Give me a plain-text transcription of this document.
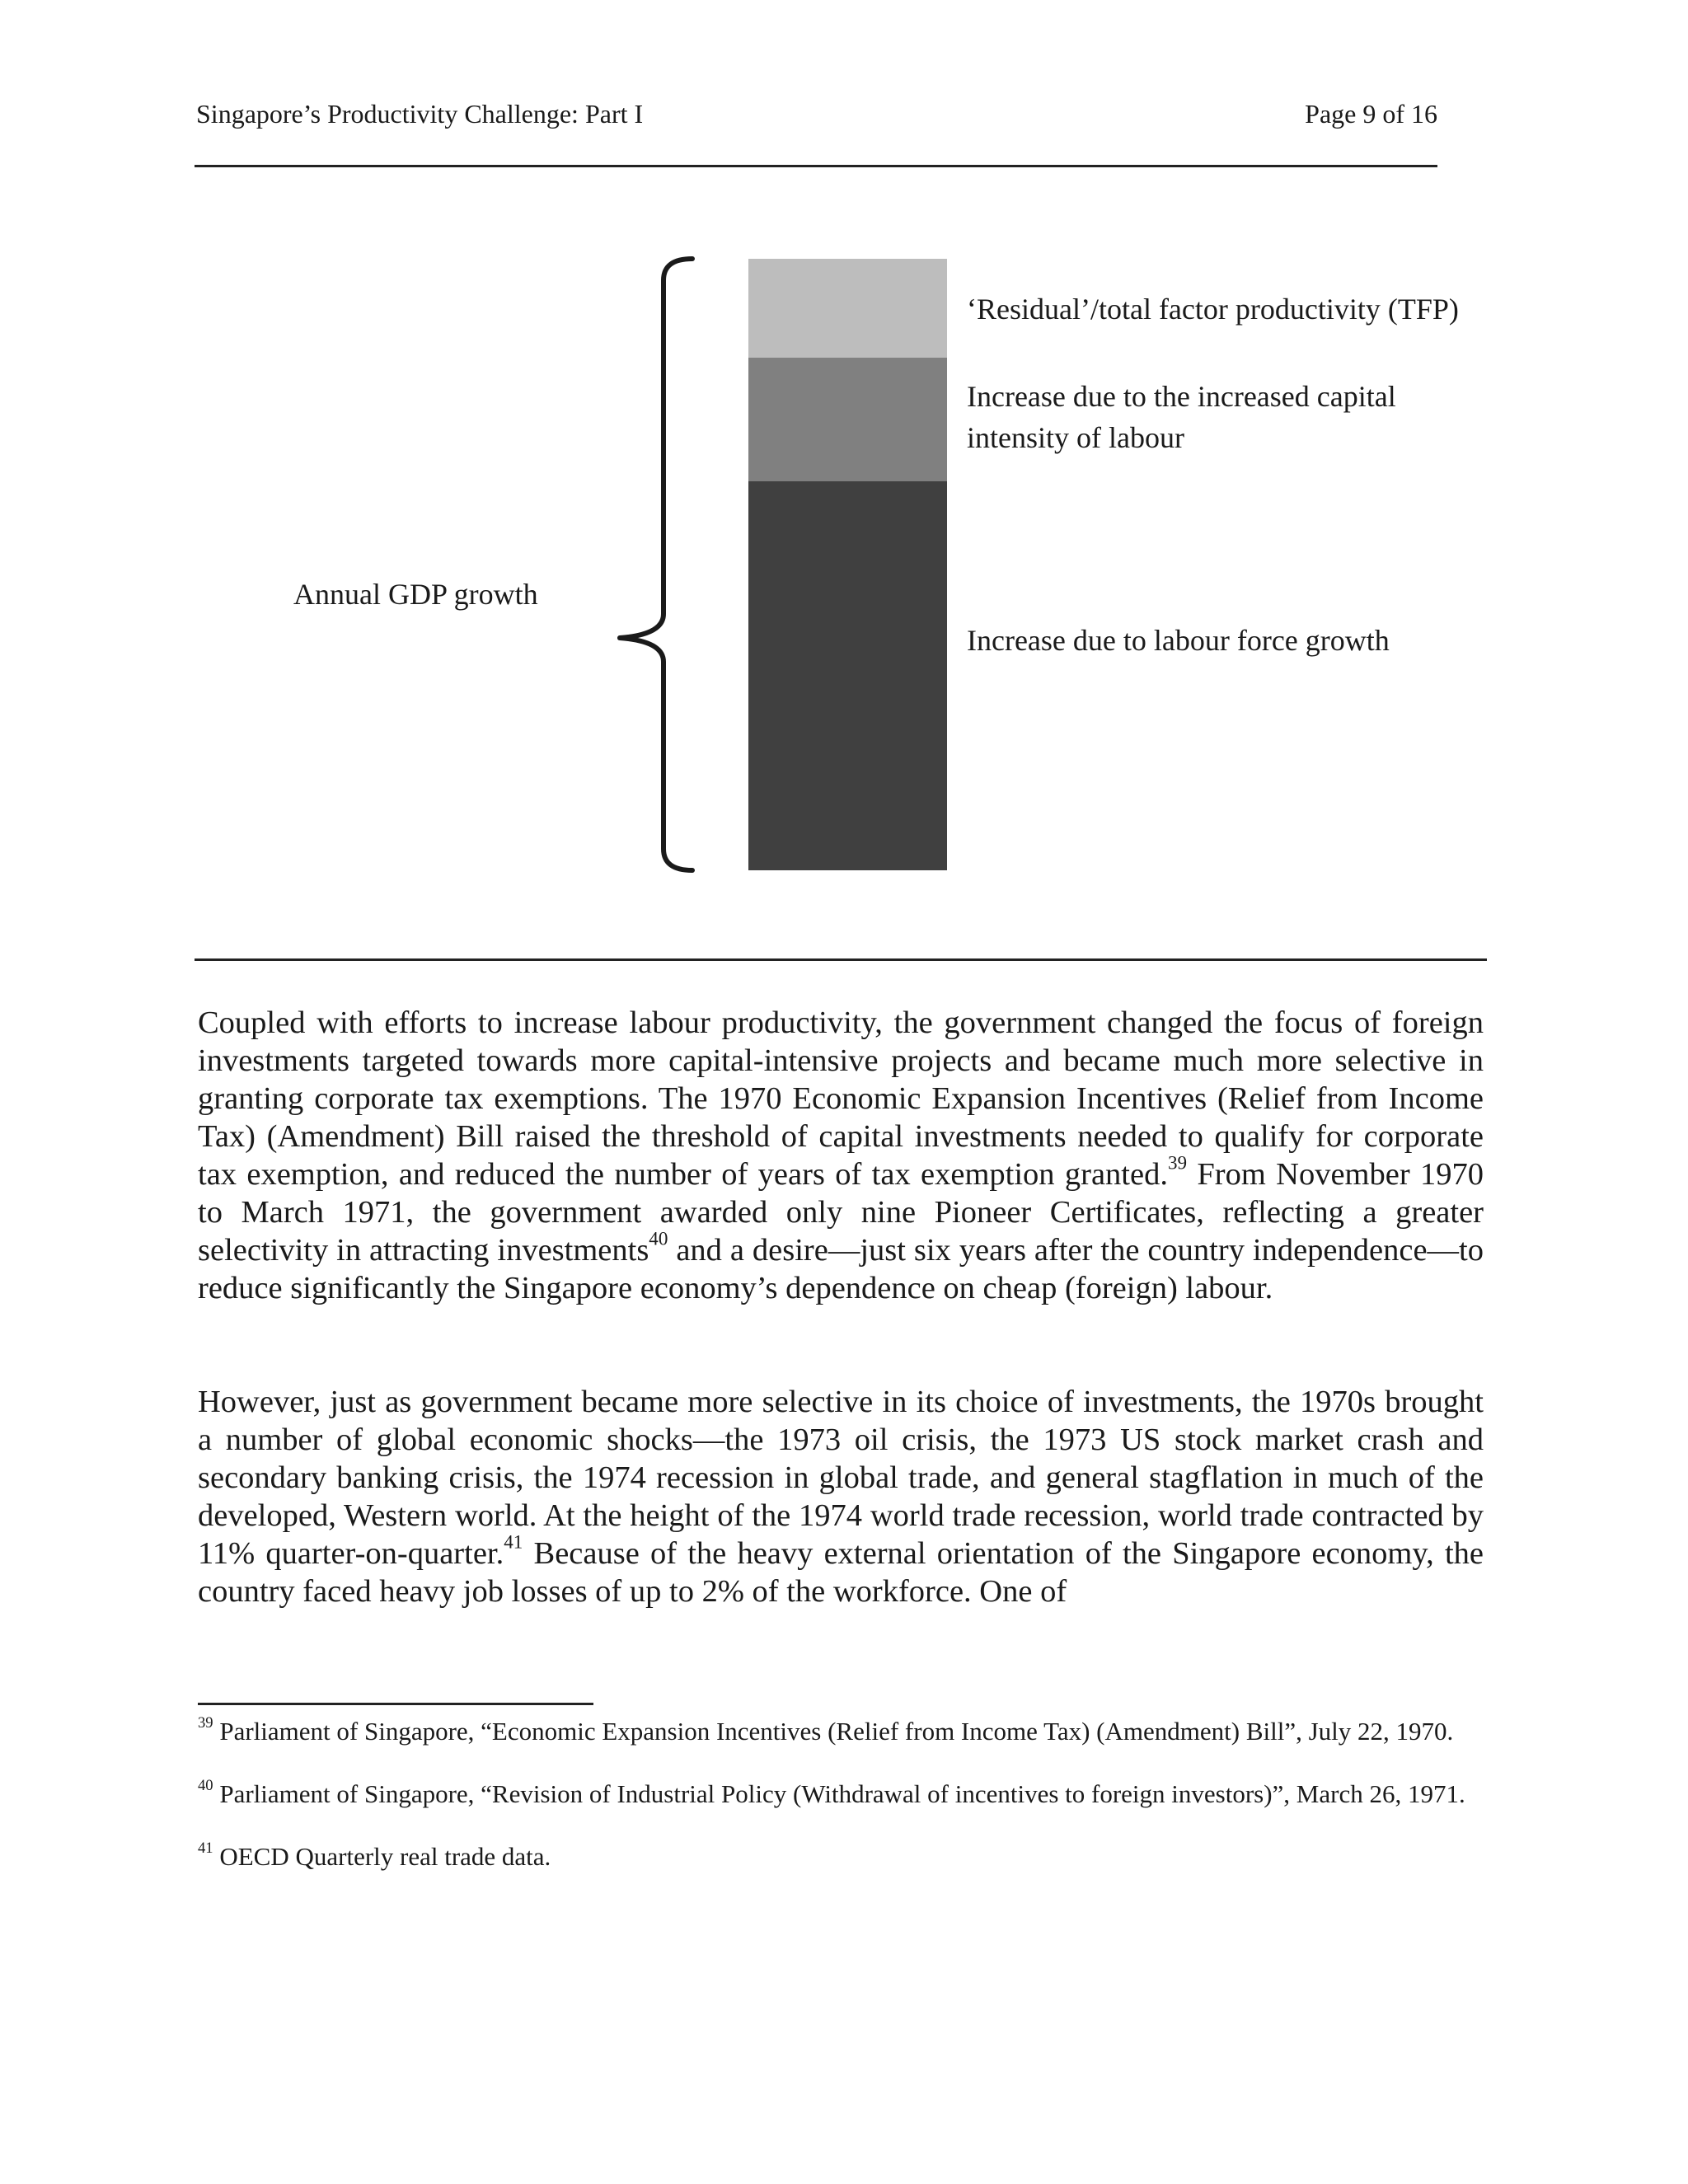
Singapore’s Productivity Challenge: Part I	Page 9 of 16
Annual GDP growth
‘Residual’/total factor productivity (TFP)
Increase due to the increased capital
intensity of labour
Increase due to labour force growth

Coupled with efforts to increase labour productivity, the government changed the focus of foreign investments targeted towards more capital-intensive projects and became much more selective in granting corporate tax exemptions. The 1970 Economic Expansion Incentives (Relief from Income Tax) (Amendment) Bill raised the threshold of capital investments needed to qualify for corporate tax exemption, and reduced the number of years of tax exemption granted.$^{39}$ From November 1970 to March 1971, the government awarded only nine Pioneer Certificates, reflecting a greater selectivity in attracting investments$^{40}$ and a desire—just six years after the country independence—to reduce significantly the Singapore economy’s dependence on cheap (foreign) labour.

However, just as government became more selective in its choice of investments, the 1970s brought a number of global economic shocks—the 1973 oil crisis, the 1973 US stock market crash and secondary banking crisis, the 1974 recession in global trade, and general stagflation in much of the developed, Western world. At the height of the 1974 world trade recession, world trade contracted by 11% quarter-on-quarter.$^{41}$ Because of the heavy external orientation of the Singapore economy, the country faced heavy job losses of up to 2% of the workforce. One of

$^{39}$ Parliament of Singapore, “Economic Expansion Incentives (Relief from Income Tax) (Amendment) Bill”, July 22, 1970.

$^{40}$ Parliament of Singapore, “Revision of Industrial Policy (Withdrawal of incentives to foreign investors)”, March 26, 1971.

$^{41}$ OECD Quarterly real trade data.
